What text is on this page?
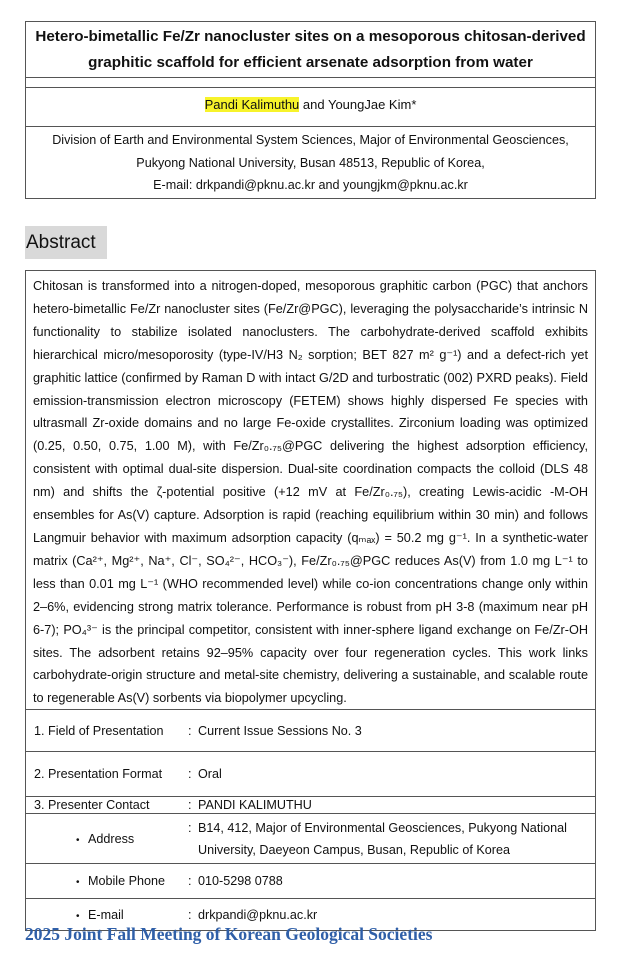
Hetero-bimetallic Fe/Zr nanocluster sites on a mesoporous chitosan-derived
graphitic scaffold for efficient arsenate adsorption from water
Pandi Kalimuthu and YoungJae Kim*
Division of Earth and Environmental System Sciences, Major of Environmental Geosciences,
Pukyong National University, Busan 48513, Republic of Korea,
E-mail: drkpandi@pknu.ac.kr and youngjkm@pknu.ac.kr
Abstract
Chitosan is transformed into a nitrogen-doped, mesoporous graphitic carbon (PGC) that anchors hetero-bimetallic Fe/Zr nanocluster sites (Fe/Zr@PGC), leveraging the polysaccharide’s intrinsic N functionality to stabilize isolated nanoclusters. The carbohydrate-derived scaffold exhibits hierarchical micro/mesoporosity (type-IV/H3 N₂ sorption; BET 827 m² g⁻¹) and a defect-rich yet graphitic lattice (confirmed by Raman D with intact G/2D and turbostratic (002) PXRD peaks). Field emission-transmission electron microscopy (FETEM) shows highly dispersed Fe species with ultrasmall Zr-oxide domains and no large Fe-oxide crystallites. Zirconium loading was optimized (0.25, 0.50, 0.75, 1.00 M), with Fe/Zr₀.₇₅@PGC delivering the highest adsorption efficiency, consistent with optimal dual-site dispersion. Dual-site coordination compacts the colloid (DLS 48 nm) and shifts the ζ-potential positive (+12 mV at Fe/Zr₀.₇₅), creating Lewis-acidic -M-OH ensembles for As(V) capture. Adsorption is rapid (reaching equilibrium within 30 min) and follows Langmuir behavior with maximum adsorption capacity (qₘₐₓ) = 50.2 mg g⁻¹. In a synthetic-water matrix (Ca²⁺, Mg²⁺, Na⁺, Cl⁻, SO₄²⁻, HCO₃⁻), Fe/Zr₀.₇₅@PGC reduces As(V) from 1.0 mg L⁻¹ to less than 0.01 mg L⁻¹ (WHO recommended level) while co-ion concentrations change only within 2–6%, evidencing strong matrix tolerance. Performance is robust from pH 3-8 (maximum near pH 6-7); PO₄³⁻ is the principal competitor, consistent with inner-sphere ligand exchange on Fe/Zr-OH sites. The adsorbent retains 92–95% capacity over four regeneration cycles. This work links carbohydrate-origin structure and metal-site chemistry, delivering a sustainable, and scalable route to regenerable As(V) sorbents via biopolymer upcycling.
1. Field of Presentation	: Current Issue Sessions No. 3
2. Presentation Format	: Oral
3. Presenter Contact	: PANDI KALIMUTHU
• Address	: B14, 412, Major of Environmental Geosciences, Pukyong National
University, Daeyeon Campus, Busan, Republic of Korea

• Mobile Phone	: 010-5298 0788
• E-mail	: drkpandi@pknu.ac.kr
2025 Joint Fall Meeting of Korean Geological Societies
